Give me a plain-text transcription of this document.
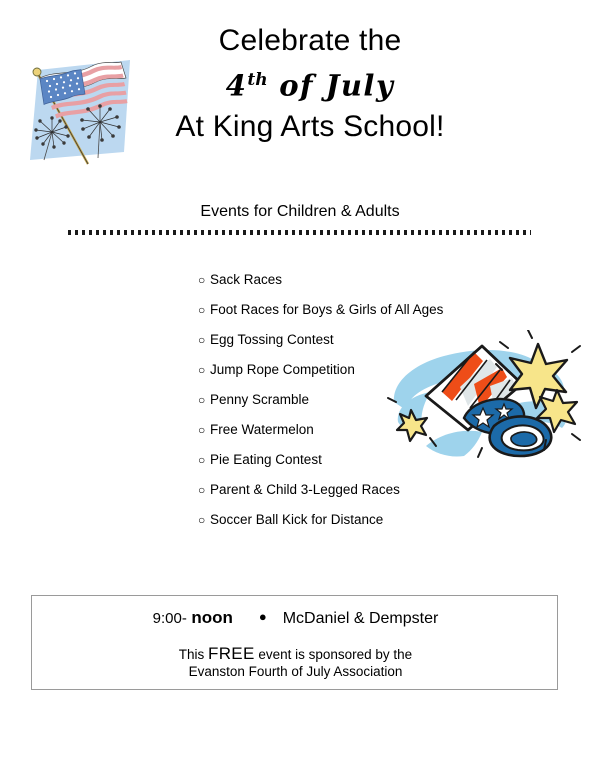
Celebrate the
4th of July
At King Arts School!
Events for Children & Adults
○ Sack Races
○ Foot Races for Boys & Girls of All Ages
○ Egg Tossing Contest
○ Jump Rope Competition
○ Penny Scramble
○ Free Watermelon
○ Pie Eating Contest
○ Parent & Child 3-Legged Races
○ Soccer Ball Kick for Distance
9:00- noon ● McDaniel & Dempster
This FREE event is sponsored by the
Evanston Fourth of July Association
